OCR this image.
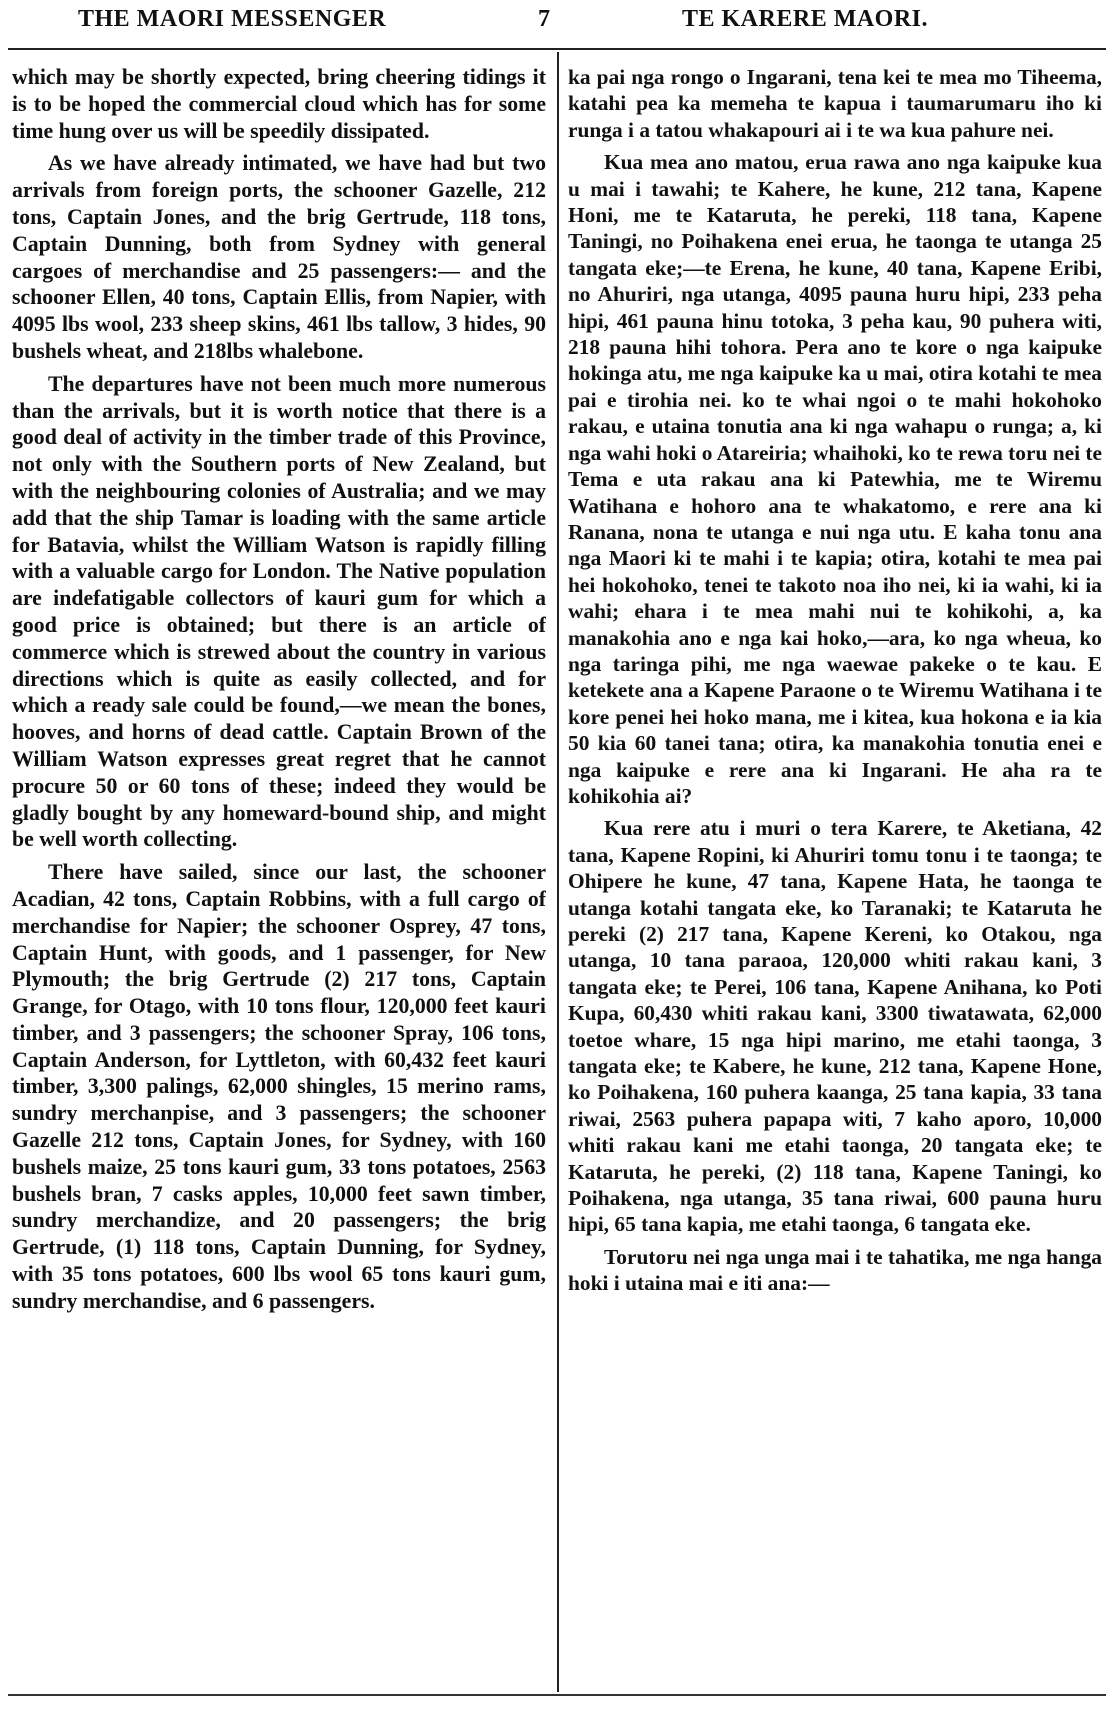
THE MAORI MESSENGER	7	TE KARERE MAORI.

which may be shortly expected, bring cheering tidings it is to be hoped the commercial cloud which has for some time hung over us will be speedily dissipated.

As we have already intimated, we have had but two arrivals from foreign ports, the schooner Gazelle, 212 tons, Captain Jones, and the brig Gertrude, 118 tons, Captain Dunning, both from Sydney with general cargoes of merchandise and 25 passengers:— and the schooner Ellen, 40 tons, Captain Ellis, from Napier, with 4095 lbs wool, 233 sheep skins, 461 lbs tallow, 3 hides, 90 bushels wheat, and 218lbs whalebone.

The departures have not been much more numerous than the arrivals, but it is worth notice that there is a good deal of activity in the timber trade of this Province, not only with the Southern ports of New Zealand, but with the neighbouring colonies of Australia; and we may add that the ship Tamar is loading with the same article for Batavia, whilst the William Watson is rapidly filling with a valuable cargo for London. The Native population are indefatigable collectors of kauri gum for which a good price is obtained; but there is an article of commerce which is strewed about the country in various directions which is quite as easily collected, and for which a ready sale could be found,—we mean the bones, hooves, and horns of dead cattle. Captain Brown of the William Watson expresses great regret that he cannot procure 50 or 60 tons of these; indeed they would be gladly bought by any homeward-bound ship, and might be well worth collecting.

There have sailed, since our last, the schooner Acadian, 42 tons, Captain Robbins, with a full cargo of merchandise for Napier; the schooner Osprey, 47 tons, Captain Hunt, with goods, and 1 passenger, for New Plymouth; the brig Gertrude (2) 217 tons, Captain Grange, for Otago, with 10 tons flour, 120,000 feet kauri timber, and 3 passengers; the schooner Spray, 106 tons, Captain Anderson, for Lyttleton, with 60,432 feet kauri timber, 3,300 palings, 62,000 shingles, 15 merino rams, sundry merchanpise, and 3 passengers; the schooner Gazelle 212 tons, Captain Jones, for Sydney, with 160 bushels maize, 25 tons kauri gum, 33 tons potatoes, 2563 bushels bran, 7 casks apples, 10,000 feet sawn timber, sundry merchandize, and 20 passengers; the brig Gertrude, (1) 118 tons, Captain Dunning, for Sydney, with 35 tons potatoes, 600 lbs wool 65 tons kauri gum, sundry merchandise, and 6 passengers.

ka pai nga rongo o Ingarani, tena kei te mea mo Tiheema, katahi pea ka memeha te kapua i taumarumaru iho ki runga i a tatou whakapouri ai i te wa kua pahure nei.

Kua mea ano matou, erua rawa ano nga kaipuke kua u mai i tawahi; te Kahere, he kune, 212 tana, Kapene Honi, me te Kataruta, he pereki, 118 tana, Kapene Taningi, no Poihakena enei erua, he taonga te utanga 25 tangata eke;—te Erena, he kune, 40 tana, Kapene Eribi, no Ahuriri, nga utanga, 4095 pauna huru hipi, 233 peha hipi, 461 pauna hinu totoka, 3 peha kau, 90 puhera witi, 218 pauna hihi tohora. Pera ano te kore o nga kaipuke hokinga atu, me nga kaipuke ka u mai, otira kotahi te mea pai e tirohia nei. ko te whai ngoi o te mahi hokohoko rakau, e utaina tonutia ana ki nga wahapu o runga; a, ki nga wahi hoki o Atareiria; whaihoki, ko te rewa toru nei te Tema e uta rakau ana ki Patewhia, me te Wiremu Watihana e hohoro ana te whakatomo, e rere ana ki Ranana, nona te utanga e nui nga utu. E kaha tonu ana nga Maori ki te mahi i te kapia; otira, kotahi te mea pai hei hokohoko, tenei te takoto noa iho nei, ki ia wahi, ki ia wahi; ehara i te mea mahi nui te kohikohi, a, ka manakohia ano e nga kai hoko,—ara, ko nga wheua, ko nga taringa pihi, me nga waewae pakeke o te kau. E ketekete ana a Kapene Paraone o te Wiremu Watihana i te kore penei hei hoko mana, me i kitea, kua hokona e ia kia 50 kia 60 tanei tana; otira, ka manakohia tonutia enei e nga kaipuke e rere ana ki Ingarani. He aha ra te kohikohia ai?

Kua rere atu i muri o tera Karere, te Aketiana, 42 tana, Kapene Ropini, ki Ahuriri tomu tonu i te taonga; te Ohipere he kune, 47 tana, Kapene Hata, he taonga te utanga kotahi tangata eke, ko Taranaki; te Kataruta he pereki (2) 217 tana, Kapene Kereni, ko Otakou, nga utanga, 10 tana paraoa, 120,000 whiti rakau kani, 3 tangata eke; te Perei, 106 tana, Kapene Anihana, ko Poti Kupa, 60,430 whiti rakau kani, 3300 tiwatawata, 62,000 toetoe whare, 15 nga hipi marino, me etahi taonga, 3 tangata eke; te Kabere, he kune, 212 tana, Kapene Hone, ko Poihakena, 160 puhera kaanga, 25 tana kapia, 33 tana riwai, 2563 puhera papapa witi, 7 kaho aporo, 10,000 whiti rakau kani me etahi taonga, 20 tangata eke; te Kataruta, he pereki, (2) 118 tana, Kapene Taningi, ko Poihakena, nga utanga, 35 tana riwai, 600 pauna huru hipi, 65 tana kapia, me etahi taonga, 6 tangata eke.

Torutoru nei nga unga mai i te tahatika, me nga hanga hoki i utaina mai e iti ana:—
